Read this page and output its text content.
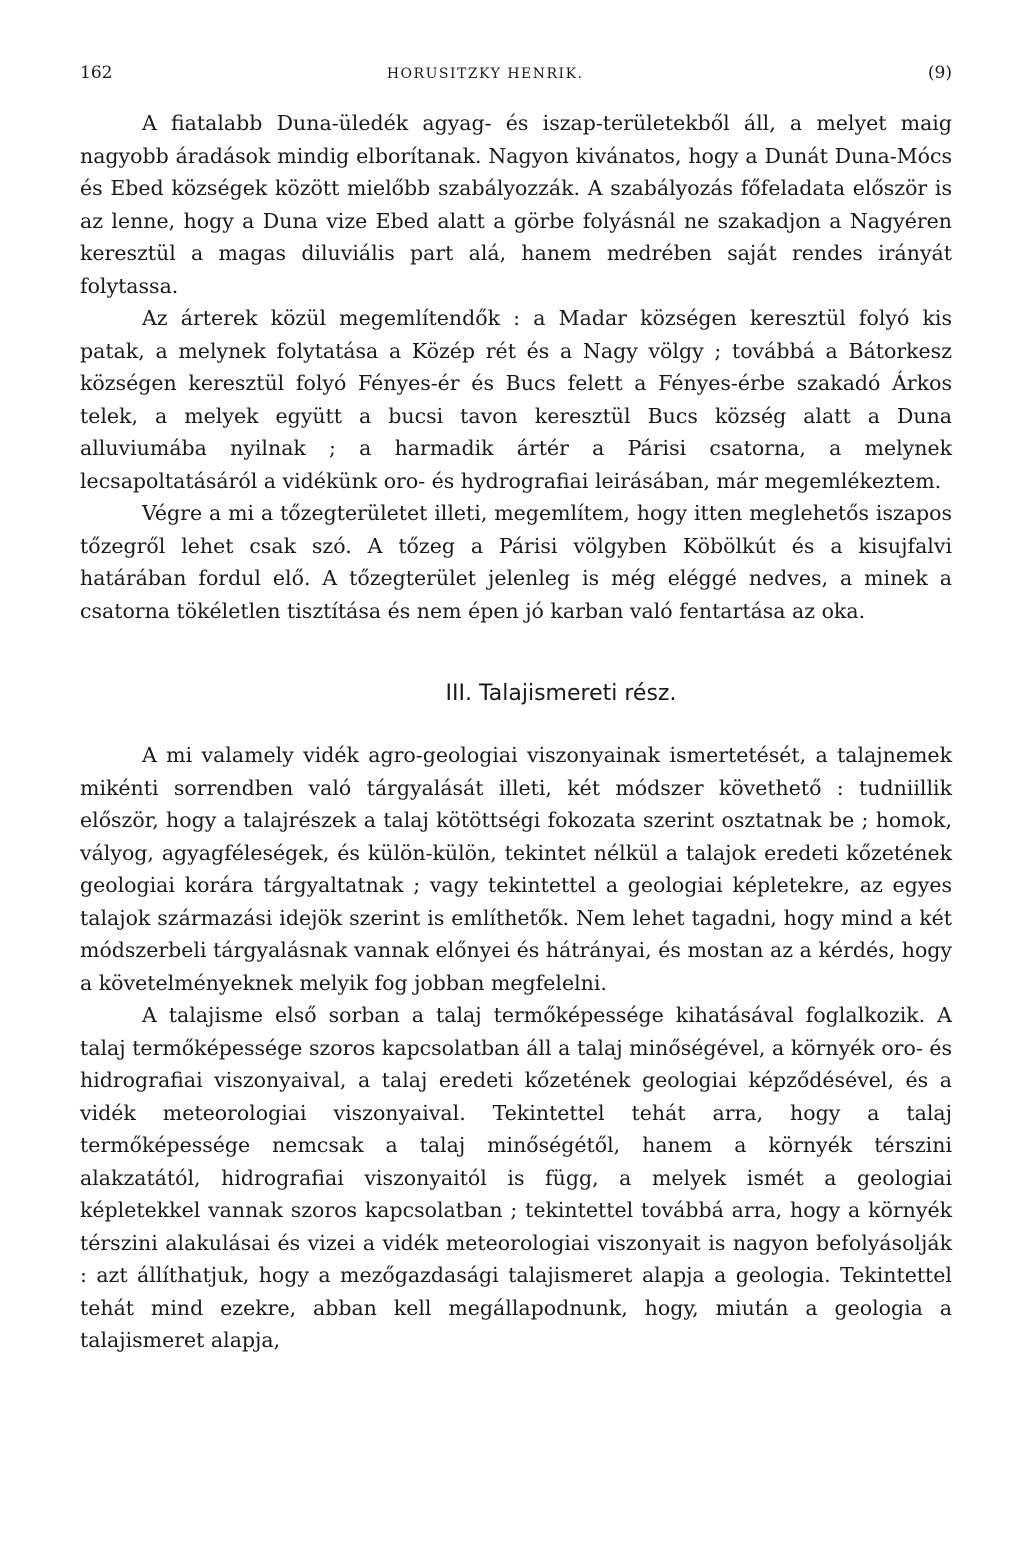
162	HORUSITZKY HENRIK.	(9)

A fiatalabb Duna-üledék agyag- és iszap-területekből áll, a melyet maig nagyobb áradások mindig elborítanak. Nagyon kivánatos, hogy a Dunát Duna-Mócs és Ebed községek között mielőbb szabályozzák. A szabályozás főfeladata először is az lenne, hogy a Duna vize Ebed alatt a görbe folyásnál ne szakadjon a Nagyéren keresztül a magas diluviális part alá, hanem medrében saját rendes irányát folytassa.

Az árterek közül megemlítendők : a Madar községen keresztül folyó kis patak, a melynek folytatása a Közép rét és a Nagy völgy ; továbbá a Bátorkesz községen keresztül folyó Fényes-ér és Bucs felett a Fényes-érbe szakadó Árkos telek, a melyek együtt a bucsi tavon keresztül Bucs község alatt a Duna alluviumába nyilnak ; a harmadik ártér a Párisi csatorna, a melynek lecsapoltatásáról a vidékünk oro- és hydrografiai leirásában, már megemlékeztem.

Végre a mi a tőzegterületet illeti, megemlítem, hogy itten meglehetős iszapos tőzegről lehet csak szó. A tőzeg a Párisi völgyben Köbölkút és a kisujfalvi határában fordul elő. A tőzegterület jelenleg is még eléggé nedves, a minek a csatorna tökéletlen tisztítása és nem épen jó karban való fentartása az oka.

III. Talajismereti rész.

A mi valamely vidék agro-geologiai viszonyainak ismertetését, a talajnemek mikénti sorrendben való tárgyalását illeti, két módszer követhető : tudniillik először, hogy a talajrészek a talaj kötöttségi fokozata szerint osztatnak be ; homok, vályog, agyagféleségek, és külön-külön, tekintet nélkül a talajok eredeti kőzetének geologiai korára tárgyaltatnak ; vagy tekintettel a geologiai képletekre, az egyes talajok származási idejök szerint is említhetők. Nem lehet tagadni, hogy mind a két módszerbeli tárgyalásnak vannak előnyei és hátrányai, és mostan az a kérdés, hogy a követelményeknek melyik fog jobban megfelelni.

A talajisme első sorban a talaj termőképessége kihatásával foglalkozik. A talaj termőképessége szoros kapcsolatban áll a talaj minőségével, a környék oro- és hidrografiai viszonyaival, a talaj eredeti kőzetének geologiai képződésével, és a vidék meteorologiai viszonyaival. Tekintettel tehát arra, hogy a talaj termőképessége nemcsak a talaj minőségétől, hanem a környék térszini alakzatától, hidrografiai viszonyaitól is függ, a melyek ismét a geologiai képletekkel vannak szoros kapcsolatban ; tekintettel továbbá arra, hogy a környék térszini alakulásai és vizei a vidék meteorologiai viszonyait is nagyon befolyásolják : azt állíthatjuk, hogy a mezőgazdasági talajismeret alapja a geologia. Tekintettel tehát mind ezekre, abban kell megállapodnunk, hogy, miután a geologia a talajismeret alapja,
